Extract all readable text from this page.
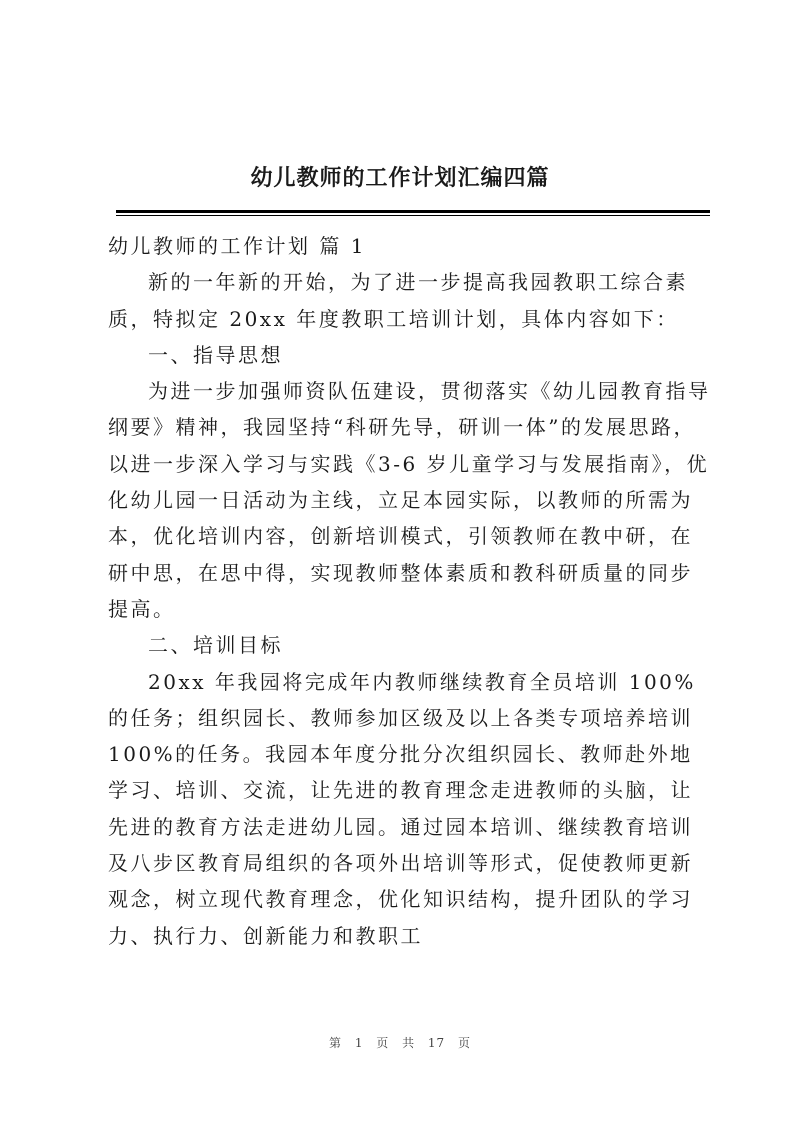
幼儿教师的工作计划汇编四篇

幼儿教师的工作计划 篇 1

新的一年新的开始，为了进一步提高我园教职工综合素质，特拟定 20xx 年度教职工培训计划，具体内容如下：

一、指导思想

为进一步加强师资队伍建设，贯彻落实《幼儿园教育指导纲要》精神，我园坚持“科研先导，研训一体”的发展思路，以进一步深入学习与实践《3-6 岁儿童学习与发展指南》，优化幼儿园一日活动为主线，立足本园实际，以教师的所需为本，优化培训内容，创新培训模式，引领教师在教中研，在研中思，在思中得，实现教师整体素质和教科研质量的同步提高。

二、培训目标

20xx 年我园将完成年内教师继续教育全员培训 100%的任务；组织园长、教师参加区级及以上各类专项培养培训 100%的任务。我园本年度分批分次组织园长、教师赴外地学习、培训、交流，让先进的教育理念走进教师的头脑，让先进的教育方法走进幼儿园。通过园本培训、继续教育培训及八步区教育局组织的各项外出培训等形式，促使教师更新观念，树立现代教育理念，优化知识结构，提升团队的学习力、执行力、创新能力和教职工

第 1 页 共 17 页
